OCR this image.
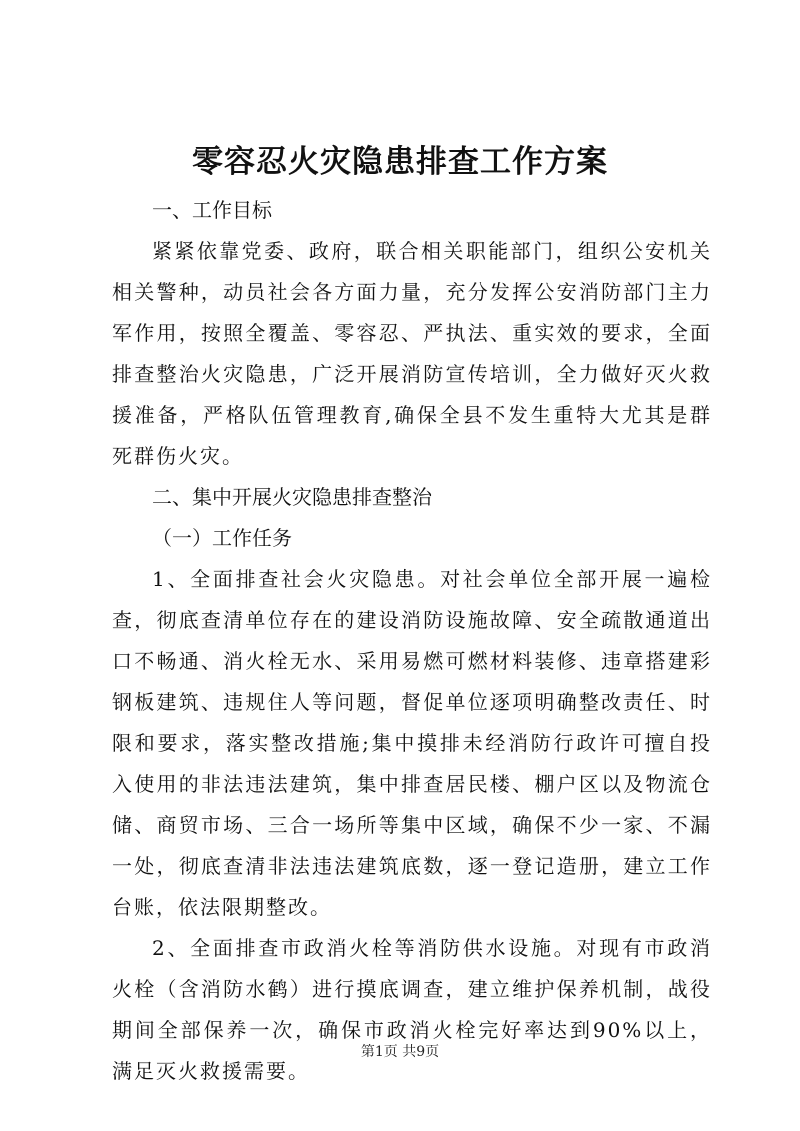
零容忍火灾隐患排查工作方案

一、工作目标

紧紧依靠党委、政府，联合相关职能部门，组织公安机关相关警种，动员社会各方面力量，充分发挥公安消防部门主力军作用，按照全覆盖、零容忍、严执法、重实效的要求，全面排查整治火灾隐患，广泛开展消防宣传培训，全力做好灭火救援准备，严格队伍管理教育,确保全县不发生重特大尤其是群死群伤火灾。

二、集中开展火灾隐患排查整治

（一）工作任务

1、全面排查社会火灾隐患。对社会单位全部开展一遍检查，彻底查清单位存在的建设消防设施故障、安全疏散通道出口不畅通、消火栓无水、采用易燃可燃材料装修、违章搭建彩钢板建筑、违规住人等问题，督促单位逐项明确整改责任、时限和要求，落实整改措施;集中摸排未经消防行政许可擅自投入使用的非法违法建筑，集中排查居民楼、棚户区以及物流仓储、商贸市场、三合一场所等集中区域，确保不少一家、不漏一处，彻底查清非法违法建筑底数，逐一登记造册，建立工作台账，依法限期整改。

2、全面排查市政消火栓等消防供水设施。对现有市政消火栓（含消防水鹤）进行摸底调查，建立维护保养机制，战役期间全部保养一次，确保市政消火栓完好率达到90%以上，满足灭火救援需要。

第1页 共9页
